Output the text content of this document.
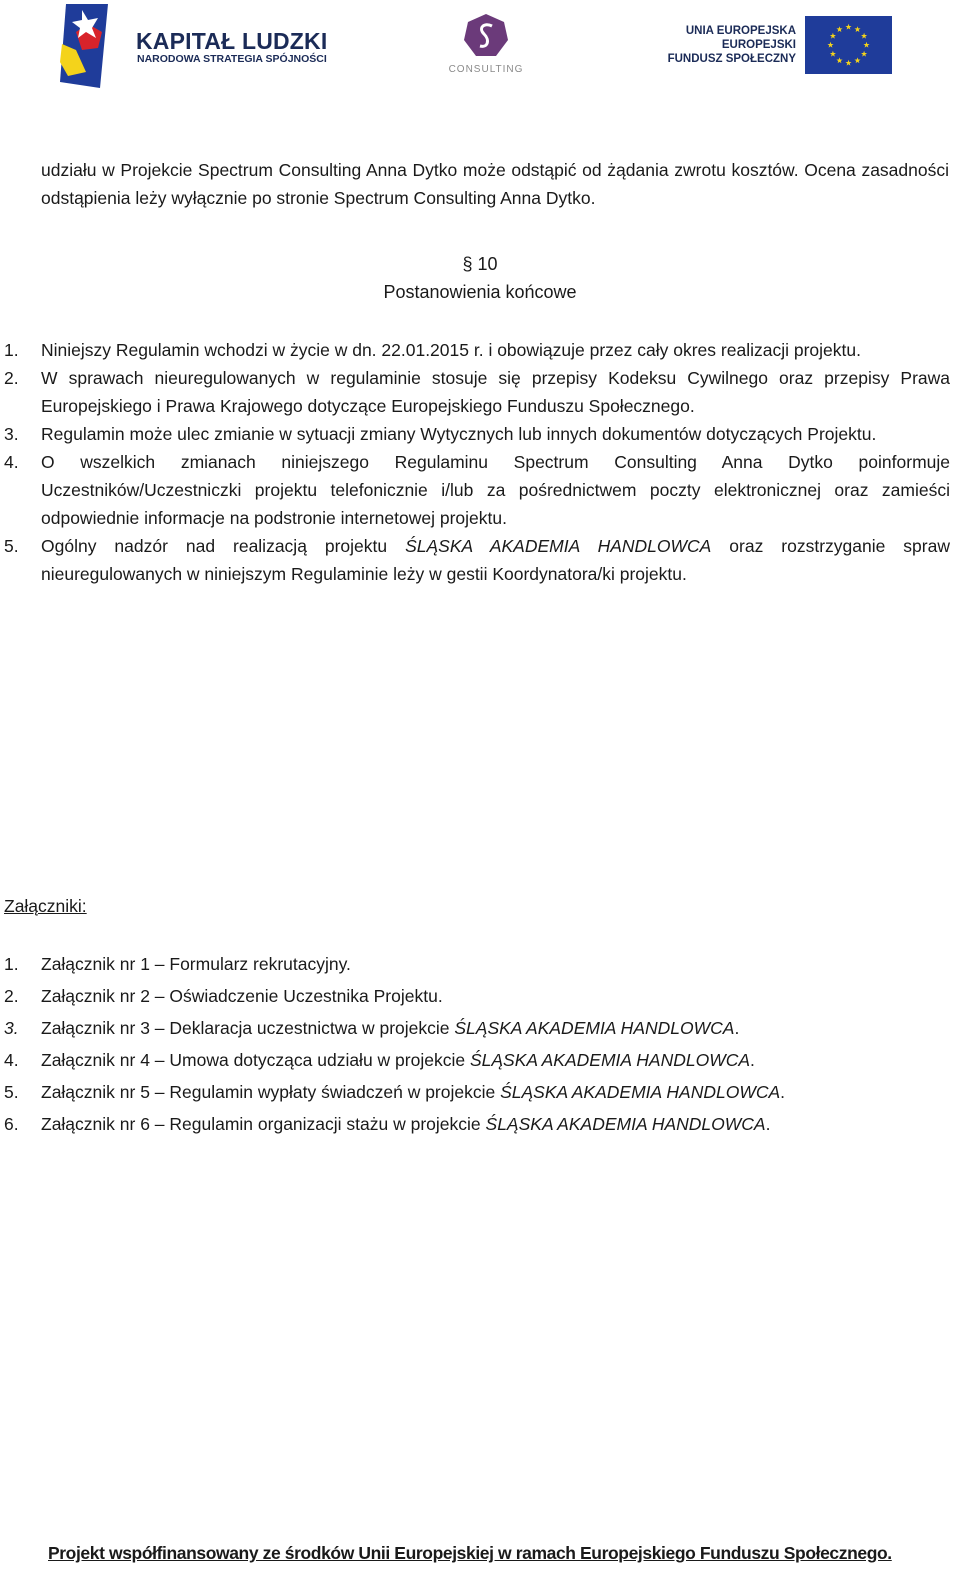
KAPITAŁ LUDZKI
NARODOWA STRATEGIA SPÓJNOŚCI
CONSULTING
UNIA EUROPEJSKA
EUROPEJSKI
FUNDUSZ SPOŁECZNY

udziału w Projekcie Spectrum Consulting Anna Dytko może odstąpić od żądania zwrotu kosztów. Ocena zasadności odstąpienia leży wyłącznie po stronie Spectrum Consulting Anna Dytko.

§ 10
Postanowienia końcowe
1. Niniejszy Regulamin wchodzi w życie w dn. 22.01.2015 r. i obowiązuje przez cały okres realizacji projektu.
2. W sprawach nieuregulowanych w regulaminie stosuje się przepisy Kodeksu Cywilnego oraz przepisy Prawa Europejskiego i Prawa Krajowego dotyczące Europejskiego Funduszu Społecznego.
3. Regulamin może ulec zmianie w sytuacji zmiany Wytycznych lub innych dokumentów dotyczących Projektu.
4. O wszelkich zmianach niniejszego Regulaminu Spectrum Consulting Anna Dytko poinformuje Uczestników/Uczestniczki projektu telefonicznie i/lub za pośrednictwem poczty elektronicznej oraz zamieści odpowiednie informacje na podstronie internetowej projektu.
5. Ogólny nadzór nad realizacją projektu ŚLĄSKA AKADEMIA HANDLOWCA oraz rozstrzyganie spraw nieuregulowanych w niniejszym Regulaminie leży w gestii Koordynatora/ki projektu.
Załączniki:
1. Załącznik nr 1 – Formularz rekrutacyjny.
2. Załącznik nr 2 – Oświadczenie Uczestnika Projektu.
3. Załącznik nr 3 – Deklaracja uczestnictwa w projekcie ŚLĄSKA AKADEMIA HANDLOWCA.
4. Załącznik nr 4 – Umowa dotycząca udziału w projekcie ŚLĄSKA AKADEMIA HANDLOWCA.
5. Załącznik nr 5 – Regulamin wypłaty świadczeń w projekcie ŚLĄSKA AKADEMIA HANDLOWCA.
6. Załącznik nr 6 – Regulamin organizacji stażu w projekcie ŚLĄSKA AKADEMIA HANDLOWCA.
Projekt współfinansowany ze środków Unii Europejskiej w ramach Europejskiego Funduszu Społecznego.
